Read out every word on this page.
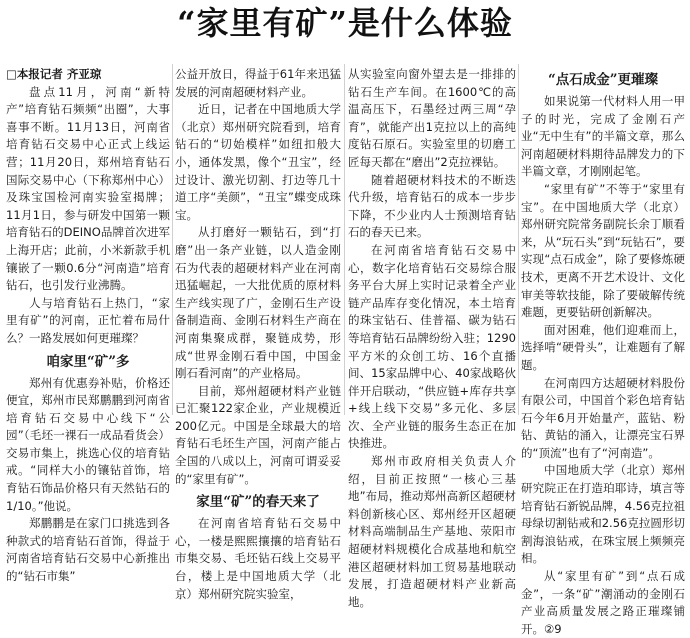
“家里有矿”是什么体验

□本报记者 齐亚琼

盘点11月，河南“新特产”培育钻石频频“出圈”，大事喜事不断。11月13日，河南省培育钻石交易中心正式上线运营；11月20日，郑州培育钻石国际交易中心（下称郑州中心）及珠宝国检河南实验室揭牌；11月1日，参与研发中国第一颗培育钻石的DEINO品牌首次进军上海开店；此前，小米新款手机镶嵌了一颗0.6分“河南造”培育钻石，也引发行业沸腾。

人与培育钻石上热门，“家里有矿”的河南，正忙着布局什么？一路发展如何更璀璨？

咱家里“矿”多

郑州有优惠券补贴，价格还便宜，郑州市民郑鹏鹏到河南省培育钻石交易中心线下“公园”（毛坯一裸石一成品看货会）交易市集上，挑选心仪的培育钻戒。“同样大小的镶钻首饰，培育钻石饰品价格只有天然钻石的1/10。”他说。

郑鹏鹏是在家门口挑选到各种款式的培育钻石首饰，得益于河南省培育钻石交易中心新推出的“钻石市集”

公益开放日，得益于61年来迅猛发展的河南超硬材料产业。

近日，记者在中国地质大学（北京）郑州研究院看到，培育钻石的“切始模样”如纽扣般大小，通体发黑，像个“丑宝”，经过设计、激光切割、打边等几十道工序“美颜”，“丑宝”蝶变成珠宝。

从打磨好一颗钻石，到“打磨”出一条产业链，以人造金刚石为代表的超硬材料产业在河南迅猛崛起，一大批优质的原材料生产线实现了广，金刚石生产设备制造商、金刚石材料生产商在河南集聚成群，聚链成势，形成“世界金刚石看中国，中国金刚石看河南”的产业格局。

目前，郑州超硬材料产业链已汇聚122家企业，产业规模近200亿元。中国是全球最大的培育钻石毛坯生产国，河南产能占全国的八成以上，河南可谓妥妥的“家里有矿”。

家里“矿”的春天来了

在河南省培育钻石交易中心，一楼是熙熙攘攘的培育钻石市集交易、毛坯钻石线上交易平台，楼上是中国地质大学（北京）郑州研究院实验室，

从实验室向窗外望去是一排排的钻石生产车间。在1600℃的高温高压下，石墨经过两三周“孕育”，就能产出1克拉以上的高纯度钻石原石。实验室里的切磨工匠每天都在“磨出”2克拉裸钻。

随着超硬材料技术的不断迭代升级，培育钻石的成本一步步下降，不少业内人士预测培育钻石的春天已来。

在河南省培育钻石交易中心，数字化培育钻石交易综合服务平台大屏上实时记录着全产业链产品库存变化情况，本土培育的珠宝钻石、佳普福、碳为钻石等培育钻石品牌纷纷入驻；1290平方米的众创工坊、16个直播间、15家品牌中心、40家战略伙伴开启联动，“供应链+库存共享+线上线下交易”多元化、多层次、全产业链的服务生态正在加快推进。

郑州市政府相关负责人介绍，目前正按照“一核心三基地”布局，推动郑州高新区超硬材料创新核心区、郑州经开区超硬材料高端制品生产基地、荥阳市超硬材料规模化合成基地和航空港区超硬材料加工贸易基地联动发展，打造超硬材料产业新高地。

“点石成金”更璀璨

如果说第一代材料人用一甲子的时光，完成了金刚石产业“无中生有”的半篇文章，那么河南超硬材料期待品牌发力的下半篇文章，才刚刚起笔。

“家里有矿”不等于“家里有宝”。在中国地质大学（北京）郑州研究院常务副院长余丁顺看来，从“玩石头”到“玩钻石”，要实现“点石成金”，除了要修炼硬技术，更离不开艺术设计、文化审美等软技能，除了要破解传统难题，更要钻研创新解决。

面对困难，他们迎难而上，选择啃“硬骨头”，让难题有了解题。

在河南四方达超硬材料股份有限公司，中国首个彩色培育钻石今年6月开始量产，蓝钻、粉钻、黄钻的涌入，让漂亮宝石界的“顶流”也有了“河南造”。

中国地质大学（北京）郑州研究院正在打造珀耶诗，填言等培育钻石新锐品牌，4.56克拉祖母绿切割钻戒和2.56克拉圆形切割海浪钻戒，在珠宝展上频频亮相。

从“家里有矿”到“点石成金”，一条“矿”潮涌动的金刚石产业高质量发展之路正璀璨铺开。②9
